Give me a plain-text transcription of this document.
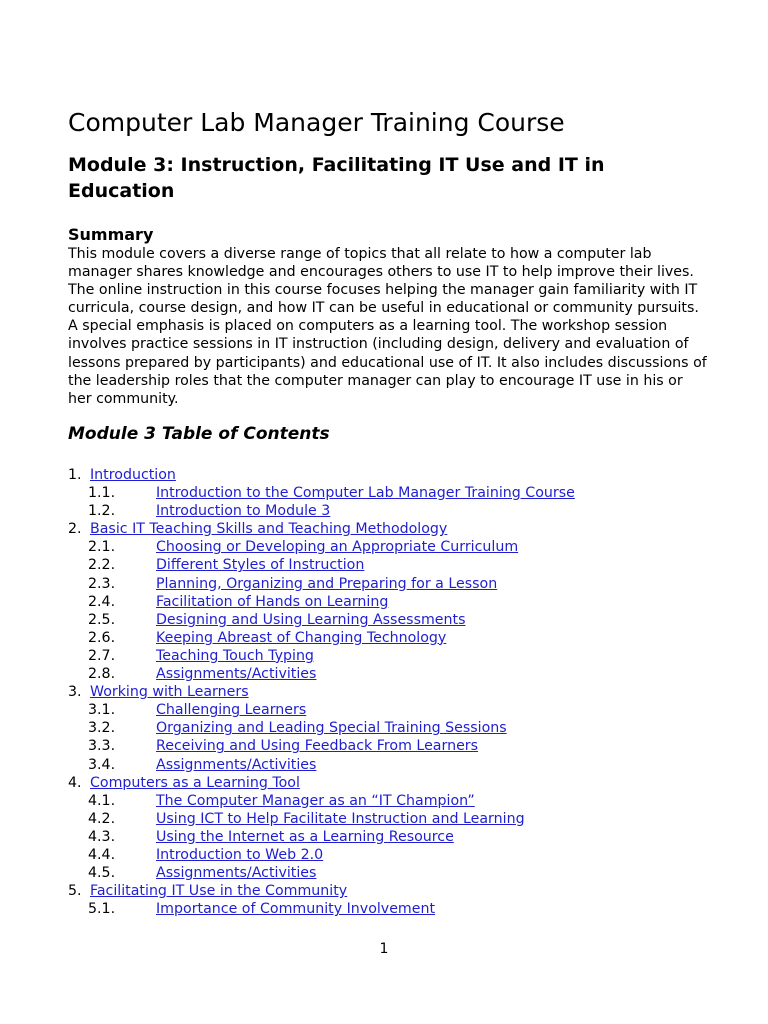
Computer Lab Manager Training Course
Module 3: Instruction, Facilitating IT Use and IT in Education
Summary

This module covers a diverse range of topics that all relate to how a computer lab manager shares knowledge and encourages others to use IT to help improve their lives. The online instruction in this course focuses helping the manager gain familiarity with IT curricula, course design, and how IT can be useful in educational or community pursuits. A special emphasis is placed on computers as a learning tool. The workshop session involves practice sessions in IT instruction (including design, delivery and evaluation of lessons prepared by participants) and educational use of IT. It also includes discussions of the leadership roles that the computer manager can play to encourage IT use in his or her community.

Module 3 Table of Contents
1. Introduction
1.1.	Introduction to the Computer Lab Manager Training Course
1.2.	Introduction to Module 3
2. Basic IT Teaching Skills and Teaching Methodology
2.1.	Choosing or Developing an Appropriate Curriculum
2.2.	Different Styles of Instruction
2.3.	Planning, Organizing and Preparing for a Lesson
2.4.	Facilitation of Hands on Learning
2.5.	Designing and Using Learning Assessments
2.6.	Keeping Abreast of Changing Technology
2.7.	Teaching Touch Typing
2.8.	Assignments/Activities
3. Working with Learners
3.1.	Challenging Learners
3.2.	Organizing and Leading Special Training Sessions
3.3.	Receiving and Using Feedback From Learners
3.4.	Assignments/Activities
4. Computers as a Learning Tool
4.1.	The Computer Manager as an “IT Champion”
4.2.	Using ICT to Help Facilitate Instruction and Learning
4.3.	Using the Internet as a Learning Resource
4.4.	Introduction to Web 2.0
4.5.	Assignments/Activities
5. Facilitating IT Use in the Community
5.1.	Importance of Community Involvement
1
